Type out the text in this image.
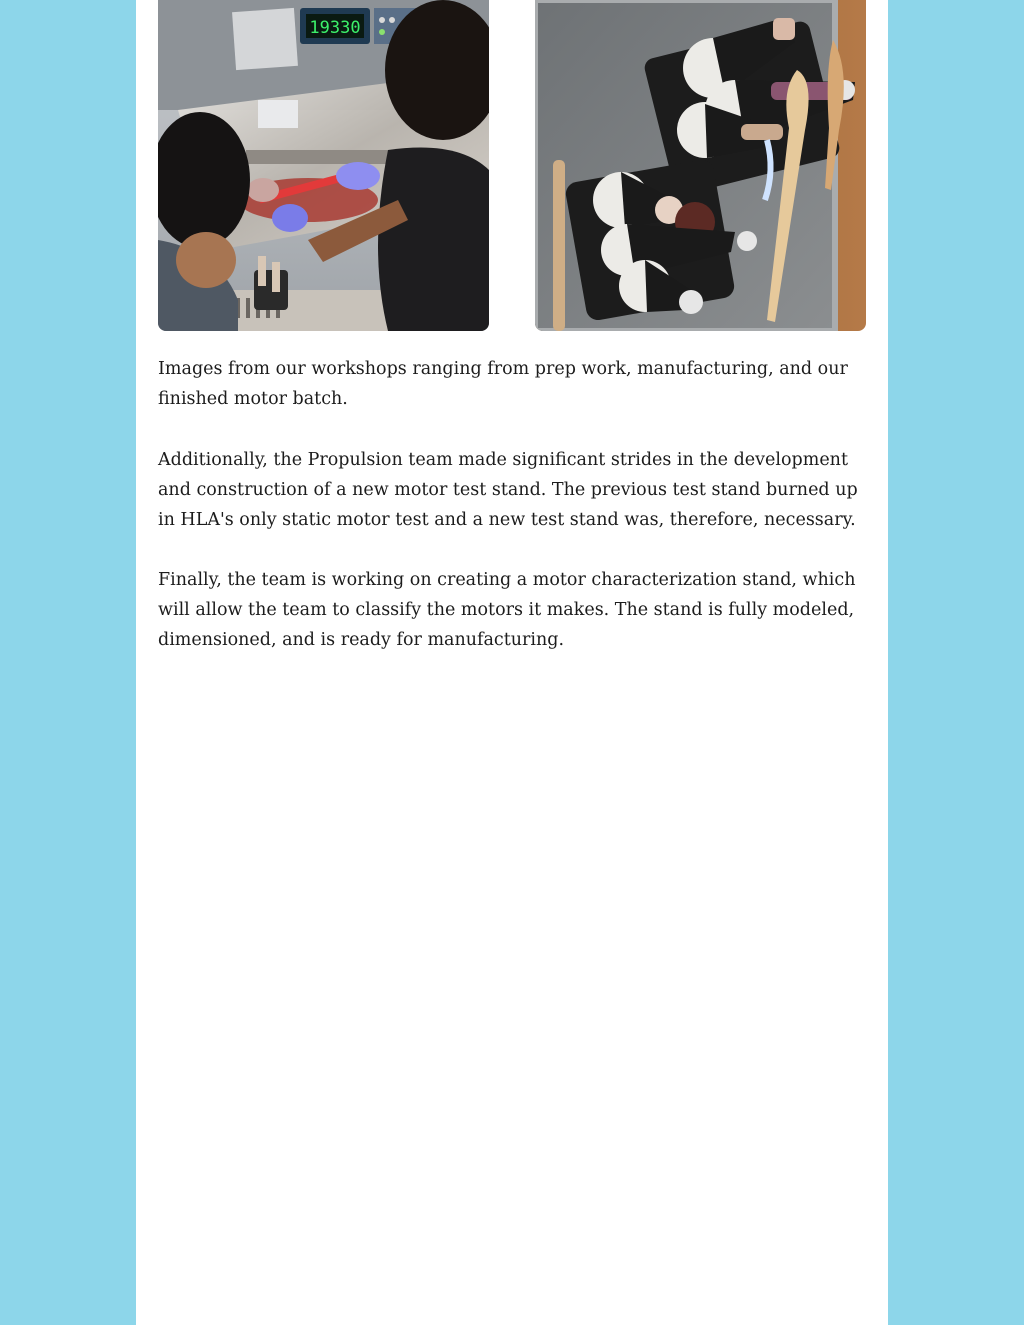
19330

Images from our workshops ranging from prep work, manufacturing, and our finished motor batch.

Additionally, the Propulsion team made significant strides in the development and construction of a new motor test stand. The previous test stand burned up in HLA's only static motor test and a new test stand was, therefore, necessary.

Finally, the team is working on creating a motor characterization stand, which will allow the team to classify the motors it makes. The stand is fully modeled, dimensioned, and is ready for manufacturing.
